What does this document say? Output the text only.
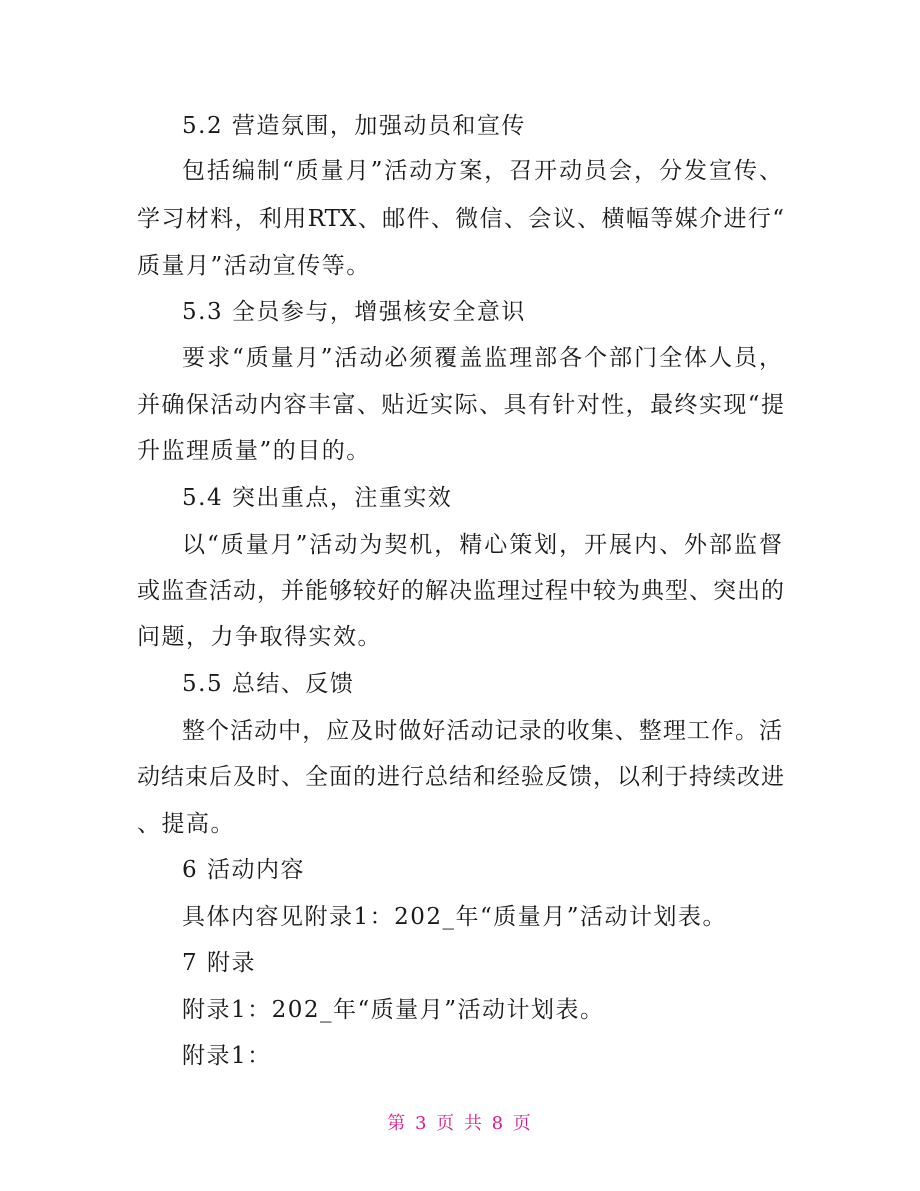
5.2 营造氛围，加强动员和宣传
包括编制“质量月”活动方案，召开动员会，分发宣传、
学习材料，利用RTX、邮件、微信、会议、横幅等媒介进行“
质量月”活动宣传等。
5.3 全员参与，增强核安全意识
要求“质量月”活动必须覆盖监理部各个部门全体人员，
并确保活动内容丰富、贴近实际、具有针对性，最终实现“提
升监理质量”的目的。
5.4 突出重点，注重实效
以“质量月”活动为契机，精心策划，开展内、外部监督
或监查活动，并能够较好的解决监理过程中较为典型、突出的
问题，力争取得实效。
5.5 总结、反馈
整个活动中，应及时做好活动记录的收集、整理工作。活
动结束后及时、全面的进行总结和经验反馈，以利于持续改进
、提高。
6 活动内容
具体内容见附录1：202_年“质量月”活动计划表。
7 附录
附录1：202_年“质量月”活动计划表。
附录1：
第 3 页 共 8 页
